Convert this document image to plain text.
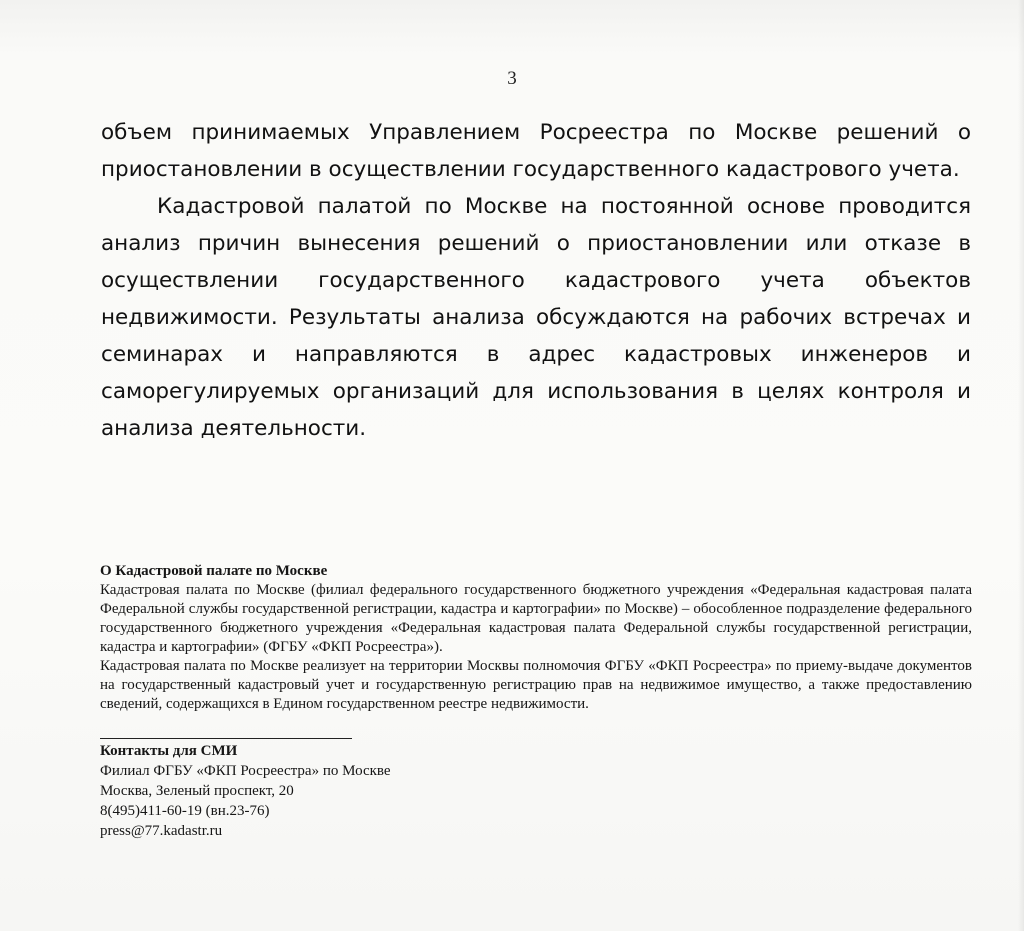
3

объем принимаемых Управлением Росреестра по Москве решений о приостановлении в осуществлении государственного кадастрового учета.

Кадастровой палатой по Москве на постоянной основе проводится анализ причин вынесения решений о приостановлении или отказе в осуществлении государственного кадастрового учета объектов недвижимости. Результаты анализа обсуждаются на рабочих встречах и семинарах и направляются в адрес кадастровых инженеров и саморегулируемых организаций для использования в целях контроля и анализа деятельности.

О Кадастровой палате по Москве

Кадастровая палата по Москве (филиал федерального государственного бюджетного учреждения «Федеральная кадастровая палата Федеральной службы государственной регистрации, кадастра и картографии» по Москве) – обособленное подразделение федерального государственного бюджетного учреждения «Федеральная кадастровая палата Федеральной службы государственной регистрации, кадастра и картографии» (ФГБУ «ФКП Росреестра»).

Кадастровая палата по Москве реализует на территории Москвы полномочия ФГБУ «ФКП Росреестра» по приему-выдаче документов на государственный кадастровый учет и государственную регистрацию прав на недвижимое имущество, а также предоставлению сведений, содержащихся в Едином государственном реестре недвижимости.

Контакты для СМИ
Филиал ФГБУ «ФКП Росреестра» по Москве
Москва, Зеленый проспект, 20
8(495)411-60-19 (вн.23-76)
press@77.kadastr.ru
